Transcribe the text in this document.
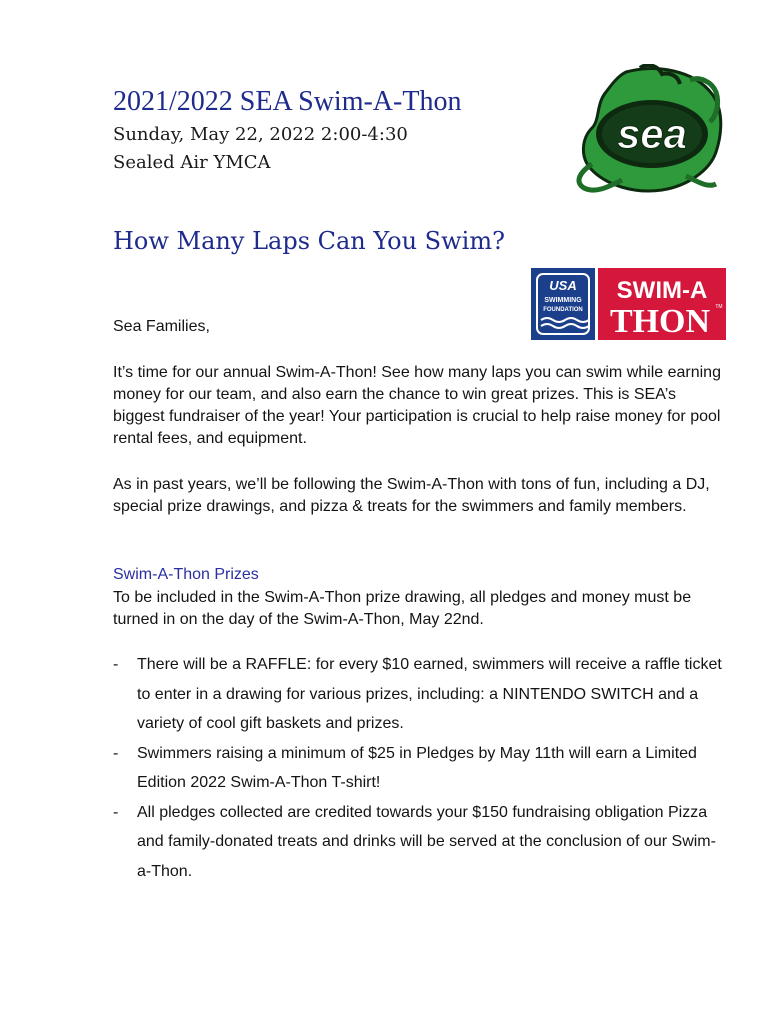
2021/2022 SEA Swim-A-Thon

Sunday, May 22, 2022 2:00-4:30

Sealed Air YMCA

sea
How Many Laps Can You Swim?
USA
SWIMMING
FOUNDATION
SWIM-A
THON TM

Sea Families,

It’s time for our annual Swim-A-Thon! See how many laps you can swim while earning money for our team, and also earn the chance to win great prizes. This is SEA’s biggest fundraiser of the year! Your participation is crucial to help raise money for pool rental fees, and equipment.

As in past years, we’ll be following the Swim-A-Thon with tons of fun, including a DJ, special prize drawings, and pizza & treats for the swimmers and family members.

Swim-A-Thon Prizes

To be included in the Swim-A-Thon prize drawing, all pledges and money must be turned in on the day of the Swim-A-Thon, May 22nd.

- There will be a RAFFLE: for every $10 earned, swimmers will receive a raffle ticket to enter in a drawing for various prizes, including: a NINTENDO SWITCH and a variety of cool gift baskets and prizes.
- Swimmers raising a minimum of $25 in Pledges by May 11th will earn a Limited Edition 2022 Swim-A-Thon T-shirt!
- All pledges collected are credited towards your $150 fundraising obligation Pizza and family-donated treats and drinks will be served at the conclusion of our Swim-a-Thon.
